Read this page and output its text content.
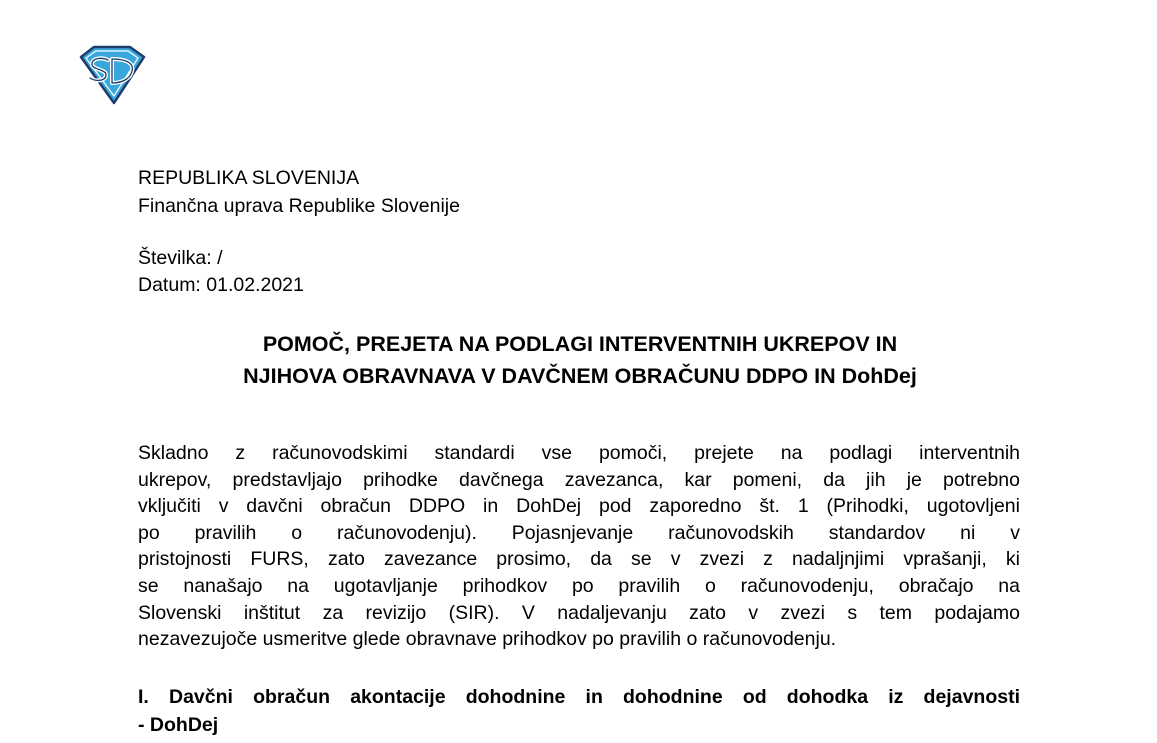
REPUBLIKA SLOVENIJA
Finančna uprava Republike Slovenije
Številka: /
Datum: 01.02.2021
POMOČ, PREJETA NA PODLAGI INTERVENTNIH UKREPOV IN
NJIHOVA OBRAVNAVA V DAVČNEM OBRAČUNU DDPO IN DohDej
Skladno z računovodskimi standardi vse pomoči, prejete na podlagi interventnih
ukrepov, predstavljajo prihodke davčnega zavezanca, kar pomeni, da jih je potrebno
vključiti v davčni obračun DDPO in DohDej pod zaporedno št. 1 (Prihodki, ugotovljeni
po pravilih o računovodenju). Pojasnjevanje računovodskih standardov ni v
pristojnosti FURS, zato zavezance prosimo, da se v zvezi z nadaljnjimi vprašanji, ki
se nanašajo na ugotavljanje prihodkov po pravilih o računovodenju, obračajo na
Slovenski inštitut za revizijo (SIR). V nadaljevanju zato v zvezi s tem podajamo
nezavezujoče usmeritve glede obravnave prihodkov po pravilih o računovodenju.
I. Davčni obračun akontacije dohodnine in dohodnine od dohodka iz dejavnosti
- DohDej
